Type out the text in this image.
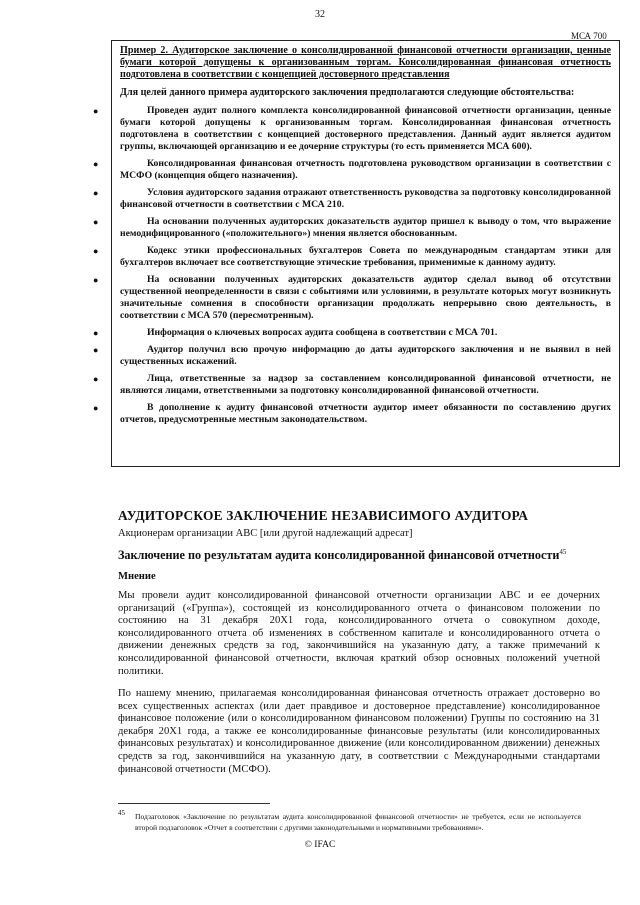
32
МСА 700

Пример 2. Аудиторское заключение о консолидированной финансовой отчетности организации, ценные бумаги которой допущены к организованным торгам. Консолидированная финансовая отчетность подготовлена в соответствии с концепцией достоверного представления

Для целей данного примера аудиторского заключения предполагаются следующие обстоятельства:

●	Проведен аудит полного комплекта консолидированной финансовой отчетности организации, ценные бумаги которой допущены к организованным торгам. Консолидированная финансовая отчетность подготовлена в соответствии с концепцией достоверного представления. Данный аудит является аудитом группы, включающей организацию и ее дочерние структуры (то есть применяется МСА 600).
●	Консолидированная финансовая отчетность подготовлена руководством организации в соответствии с МСФО (концепция общего назначения).
●	Условия аудиторского задания отражают ответственность руководства за подготовку консолидированной финансовой отчетности в соответствии с МСА 210.
●	На основании полученных аудиторских доказательств аудитор пришел к выводу о том, что выражение немодифицированного («положительного») мнения является обоснованным.
●	Кодекс этики профессиональных бухгалтеров Совета по международным стандартам этики для бухгалтеров включает все соответствующие этические требования, применимые к данному аудиту.
●	На основании полученных аудиторских доказательств аудитор сделал вывод об отсутствии существенной неопределенности в связи с событиями или условиями, в результате которых могут возникнуть значительные сомнения в способности организации продолжать непрерывно свою деятельность, в соответствии с МСА 570 (пересмотренным).
●	Информация о ключевых вопросах аудита сообщена в соответствии с МСА 701.
●	Аудитор получил всю прочую информацию до даты аудиторского заключения и не выявил в ней существенных искажений.
●	Лица, ответственные за надзор за составлением консолидированной финансовой отчетности, не являются лицами, ответственными за подготовку консолидированной финансовой отчетности.
●	В дополнение к аудиту финансовой отчетности аудитор имеет обязанности по составлению других отчетов, предусмотренные местным законодательством.
АУДИТОРСКОЕ ЗАКЛЮЧЕНИЕ НЕЗАВИСИМОГО АУДИТОРА
Акционерам организации АВС [или другой надлежащий адресат]
Заключение по результатам аудита консолидированной финансовой отчетности$^{45}$
Мнение

Мы провели аудит консолидированной финансовой отчетности организации АВС и ее дочерних организаций («Группа»), состоящей из консолидированного отчета о финансовом положении по состоянию на 31 декабря 20Х1 года, консолидированного отчета о совокупном доходе, консолидированного отчета об изменениях в собственном капитале и консолидированного отчета о движении денежных средств за год, закончившийся на указанную дату, а также примечаний к консолидированной финансовой отчетности, включая краткий обзор основных положений учетной политики.

По нашему мнению, прилагаемая консолидированная финансовая отчетность отражает достоверно во всех существенных аспектах (или дает правдивое и достоверное представление) консолидированное финансовое положение (или о консолидированном финансовом положении) Группы по состоянию на 31 декабря 20Х1 года, а также ее консолидированные финансовые результаты (или консолидированных финансовых результатах) и консолидированное движение (или консолидированном движении) денежных средств за год, закончившийся на указанную дату, в соответствии с Международными стандартами финансовой отчетности (МСФО).

45 Подзаголовок «Заключение по результатам аудита консолидированной финансовой отчетности» не требуется, если не используется второй подзаголовок «Отчет в соответствии с другими законодательными и нормативными требованиями».
© IFAC
